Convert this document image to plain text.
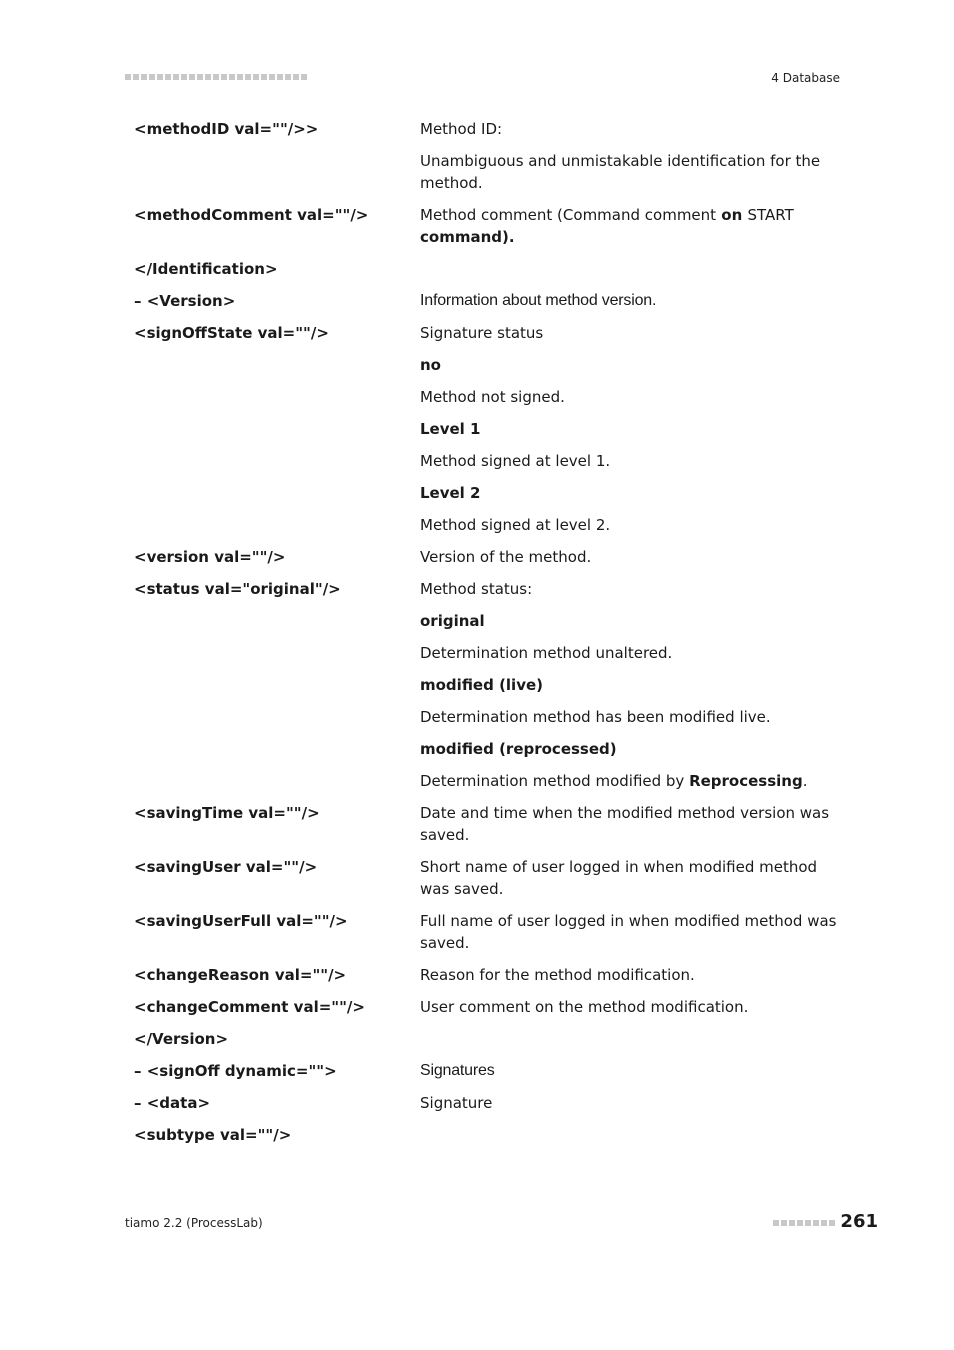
4 Database
<methodID val=""/>>	Method ID:
Unambiguous and unmistakable identification for the method.
<methodComment val=""/>	Method comment (Command comment on START command).
</Identification>
– <Version>	Information about method version.
<signOffState val=""/>	Signature status
no
Method not signed.
Level 1
Method signed at level 1.
Level 2
Method signed at level 2.
<version val=""/>	Version of the method.
<status val="original"/>	Method status:
original
Determination method unaltered.
modified (live)
Determination method has been modified live.
modified (reprocessed)
Determination method modified by Reprocessing.
<savingTime val=""/>	Date and time when the modified method version was saved.
<savingUser val=""/>	Short name of user logged in when modified method was saved.
<savingUserFull val=""/>	Full name of user logged in when modified method was saved.
<changeReason val=""/>	Reason for the method modification.
<changeComment val=""/>	User comment on the method modification.
</Version>
– <signOff dynamic="">	Signatures
– <data>	Signature
<subtype val=""/>
tiamo 2.2 (ProcessLab)	261
